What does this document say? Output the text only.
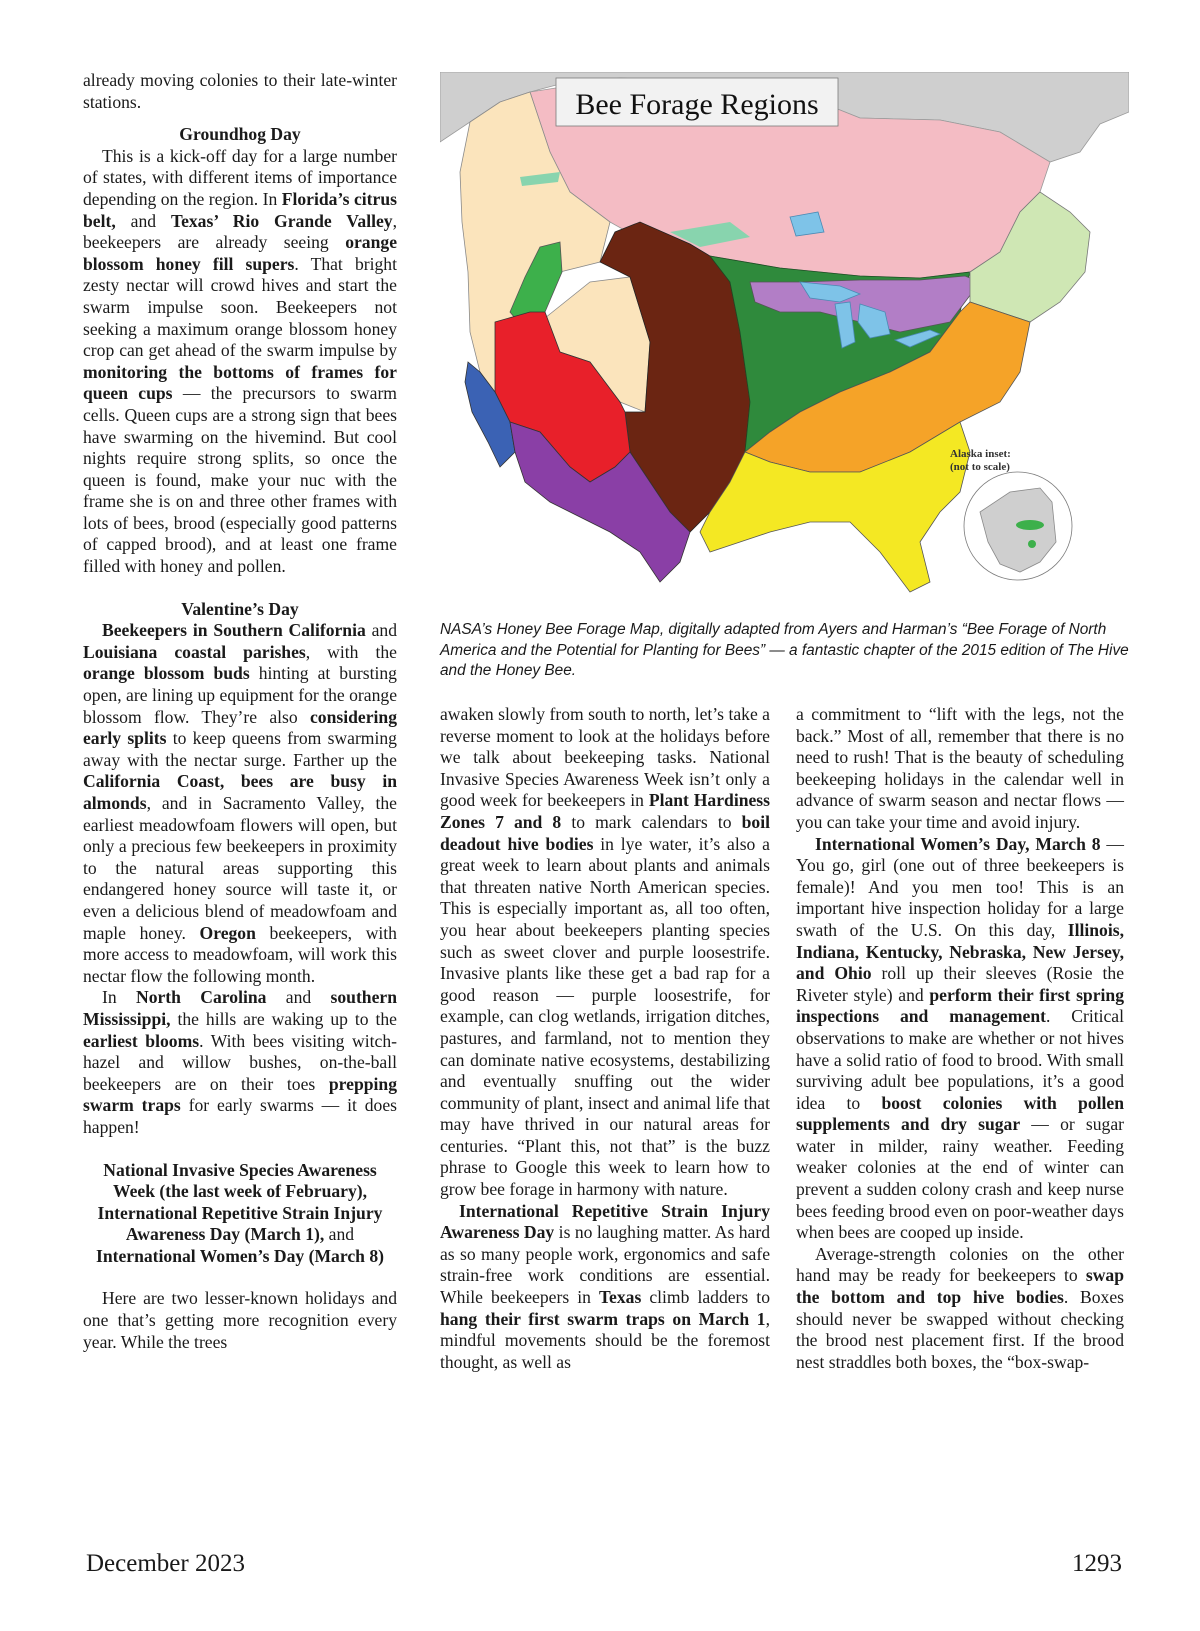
already moving colonies to their late-winter stations.

Groundhog Day

This is a kick-off day for a large number of states, with different items of importance depending on the region. In Florida’s citrus belt, and Texas’ Rio Grande Valley, beekeepers are already seeing orange blossom honey fill supers. That bright zesty nectar will crowd hives and start the swarm impulse soon. Beekeepers not seeking a maximum orange blossom honey crop can get ahead of the swarm impulse by monitoring the bottoms of frames for queen cups — the precursors to swarm cells. Queen cups are a strong sign that bees have swarming on the hivemind. But cool nights require strong splits, so once the queen is found, make your nuc with the frame she is on and three other frames with lots of bees, brood (especially good patterns of capped brood), and at least one frame filled with honey and pollen.

Valentine’s Day

Beekeepers in Southern California and Louisiana coastal parishes, with the orange blossom buds hinting at bursting open, are lining up equipment for the orange blossom flow. They’re also considering early splits to keep queens from swarming away with the nectar surge. Farther up the California Coast, bees are busy in almonds, and in Sacramento Valley, the earliest meadowfoam flowers will open, but only a precious few beekeepers in proximity to the natural areas supporting this endangered honey source will taste it, or even a delicious blend of meadowfoam and maple honey. Oregon beekeepers, with more access to meadowfoam, will work this nectar flow the following month.

In North Carolina and southern Mississippi, the hills are waking up to the earliest blooms. With bees visiting witch-hazel and willow bushes, on-the-ball beekeepers are on their toes prepping swarm traps for early swarms — it does happen!

National Invasive Species Awareness Week (the last week of February), International Repetitive Strain Injury Awareness Day (March 1), and International Women’s Day (March 8)

Here are two lesser-known holidays and one that’s getting more recognition every year. While the trees

Bee Forage Regions
Alaska inset:
(not to scale)
NASA’s Honey Bee Forage Map, digitally adapted from Ayers and Harman’s “Bee Forage of North America and the Potential for Planting for Bees” — a fantastic chapter of the 2015 edition of The Hive and the Honey Bee.

awaken slowly from south to north, let’s take a reverse moment to look at the holidays before we talk about beekeeping tasks. National Invasive Species Awareness Week isn’t only a good week for beekeepers in Plant Hardiness Zones 7 and 8 to mark calendars to boil deadout hive bodies in lye water, it’s also a great week to learn about plants and animals that threaten native North American species. This is especially important as, all too often, you hear about beekeepers planting species such as sweet clover and purple loosestrife. Invasive plants like these get a bad rap for a good reason — purple loosestrife, for example, can clog wetlands, irrigation ditches, pastures, and farmland, not to mention they can dominate native ecosystems, destabilizing and eventually snuffing out the wider community of plant, insect and animal life that may have thrived in our natural areas for centuries. “Plant this, not that” is the buzz phrase to Google this week to learn how to grow bee forage in harmony with nature.

International Repetitive Strain Injury Awareness Day is no laughing matter. As hard as so many people work, ergonomics and safe strain-free work conditions are essential. While beekeepers in Texas climb ladders to hang their first swarm traps on March 1, mindful movements should be the foremost thought, as well as

a commitment to “lift with the legs, not the back.” Most of all, remember that there is no need to rush! That is the beauty of scheduling beekeeping holidays in the calendar well in advance of swarm season and nectar flows — you can take your time and avoid injury.

International Women’s Day, March 8 — You go, girl (one out of three beekeepers is female)! And you men too! This is an important hive inspection holiday for a large swath of the U.S. On this day, Illinois, Indiana, Kentucky, Nebraska, New Jersey, and Ohio roll up their sleeves (Rosie the Riveter style) and perform their first spring inspections and management. Critical observations to make are whether or not hives have a solid ratio of food to brood. With small surviving adult bee populations, it’s a good idea to boost colonies with pollen supplements and dry sugar — or sugar water in milder, rainy weather. Feeding weaker colonies at the end of winter can prevent a sudden colony crash and keep nurse bees feeding brood even on poor-weather days when bees are cooped up inside.

Average-strength colonies on the other hand may be ready for beekeepers to swap the bottom and top hive bodies. Boxes should never be swapped without checking the brood nest placement first. If the brood nest straddles both boxes, the “box-swap-

December 2023	1293
